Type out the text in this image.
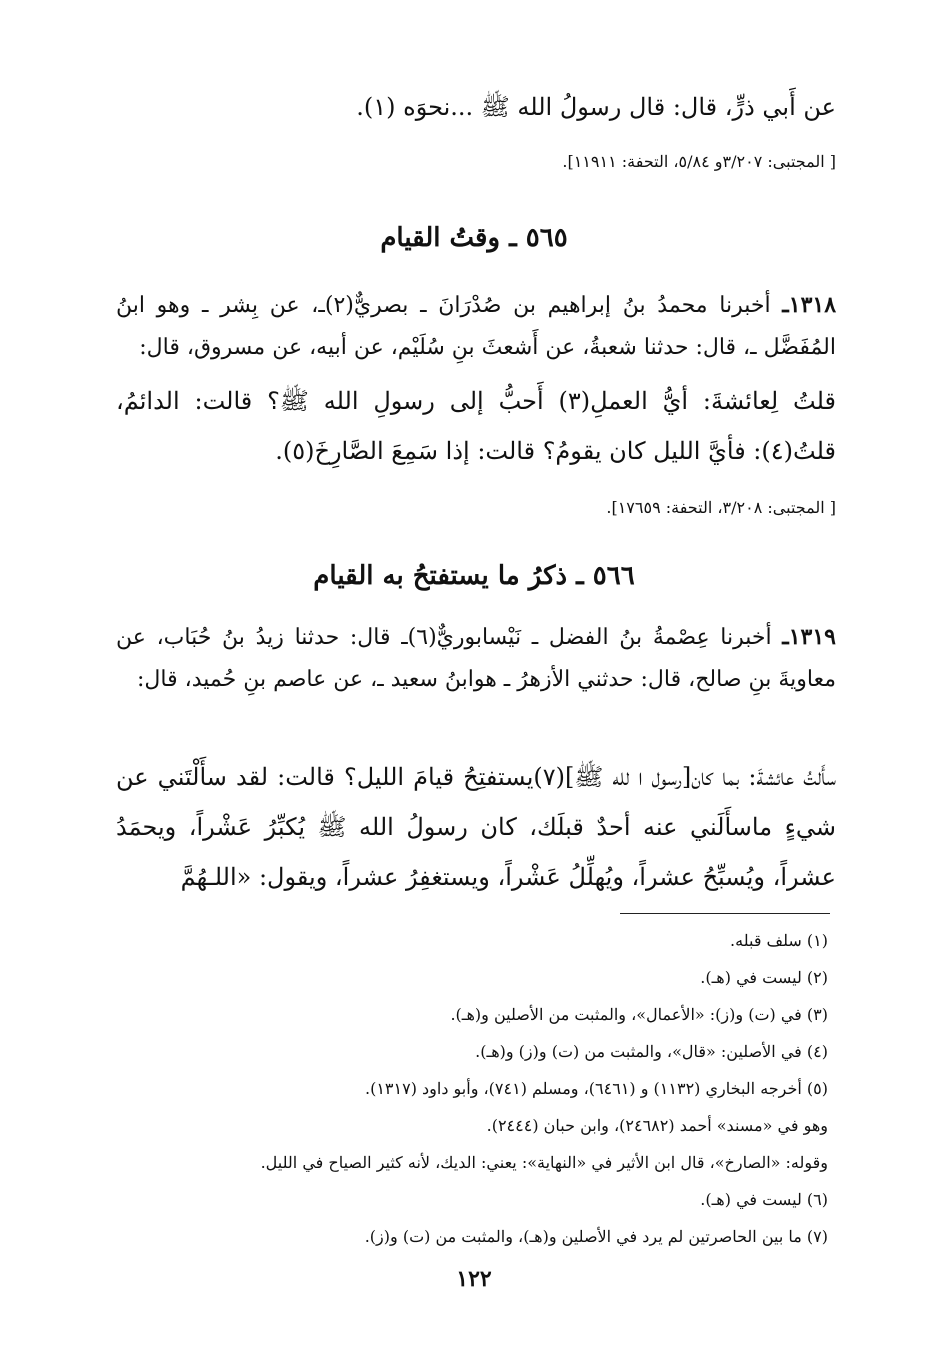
عن أَبي ذرٍّ، قال: قال رسولُ الله ﷺ ...نحوَه (١).
[ المجتبى: ٣/٢٠٧و ٥/٨٤، التحفة: ١١٩١١].
٥٦٥ ـ وقتُ القيام
١٣١٨ـ أخبرنا محمدُ بنُ إبراهيم بن صُدْرَانَ ـ بصريٌّ(٢)ـ، عن بِشر ـ وهو ابنُ المُفَضَّل ـ، قال: حدثنا شعبةُ، عن أَشعثَ بنِ سُلَيْم، عن أبيه، عن مسروق، قال:
قلتُ لِعائشةَ: أيُّ العملِ(٣) أَحبُّ إلى رسولِ الله ﷺ؟ قالت: الدائمُ، قلتُ(٤): فأيَّ الليل كان يقومُ؟ قالت: إذا سَمِعَ الصَّارِخَ(٥).
[ المجتبى: ٣/٢٠٨، التحفة: ١٧٦٥٩].
٥٦٦ ـ ذكرُ ما يستفتحُ به القيام
١٣١٩ـ أخبرنا عِصْمةُ بنُ الفضل ـ نَيْسابوريٌّ(٦)ـ قال: حدثنا زيدُ بنُ حُبَاب، عن معاويةَ بنِ صالح، قال: حدثني الأزهرُ ـ هوابنُ سعيد ـ، عن عاصم بنِ حُميد، قال:
سأَلتُ عائشةَ: بما كان[رسول ا لله ﷺ](٧)يستفتِحُ قيامَ الليل؟ قالت: لقد سأَلْتَني عن شيءٍ ماسأَلَني عنه أحدٌ قبلَك، كان رسولُ الله ﷺ يُكبِّرُ عَشْراً، ويحمَدُ عشراً، ويُسبِّحُ عشراً، ويُهلِّلُ عَشْراً، ويستغفِرُ عشراً، ويقول: «اللـهُمَّ
(١) سلف قبله.
(٢) ليست في (هـ).
(٣) في (ت) و(ز): «الأعمال»، والمثبت من الأصلين و(هـ).
(٤) في الأصلين: «قال»، والمثبت من (ت) و(ز) و(هـ).
(٥) أخرجه البخاري (١١٣٢) و (٦٤٦١)، ومسلم (٧٤١)، وأبو داود (١٣١٧).
وهو في «مسند» أحمد (٢٤٦٨٢)، وابن حبان (٢٤٤٤).
وقوله: «الصارخ»، قال ابن الأثير في «النهاية»: يعني: الديك، لأنه كثير الصياح في الليل.
(٦) ليست في (هـ).
(٧) ما بين الحاصرتين لم يرد في الأصلين و(هـ)، والمثبت من (ت) و(ز).
١٢٢
